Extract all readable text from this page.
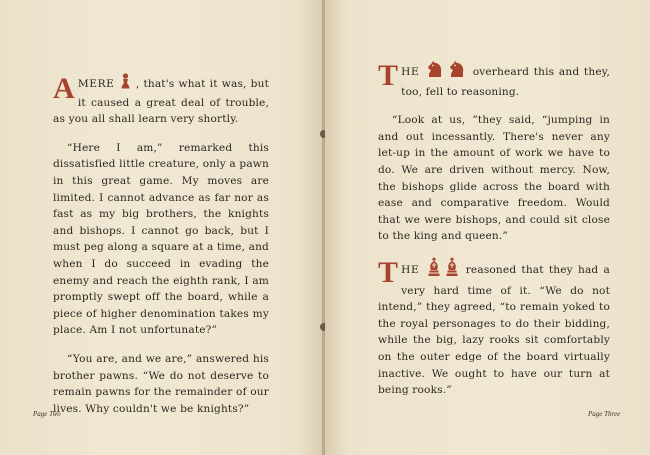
AMERE , that's what it was, but it caused a great deal of trouble, as you all shall learn very shortly.

“Here I am,” remarked this dissatisfied little creature, only a pawn in this great game. My moves are limited. I cannot advance as far nor as fast as my big brothers, the knights and bishops. I cannot go back, but I must peg along a square at a time, and when I do succeed in evading the enemy and reach the eighth rank, I am promptly swept off the board, while a piece of higher denomination takes my place. Am I not unfortunate?”

“You are, and we are,” answered his brother pawns. “We do not deserve to remain pawns for the remainder of our lives. Why couldn't we be knights?”

Page Two

THE	overheard this and they, too, fell to reasoning.

“Look at us, ”they said, “jumping in and out incessantly. There's never any let-up in the amount of work we have to do. We are driven without mercy. Now, the bishops glide across the board with ease and comparative freedom. Would that we were bishops, and could sit close to the king and queen.”

THE	reasoned that they had a very hard time of it. “We do not intend,” they agreed, “to remain yoked to the royal personages to do their bidding, while the big, lazy rooks sit comfortably on the outer edge of the board virtually inactive. We ought to have our turn at being rooks.”

Page Three
